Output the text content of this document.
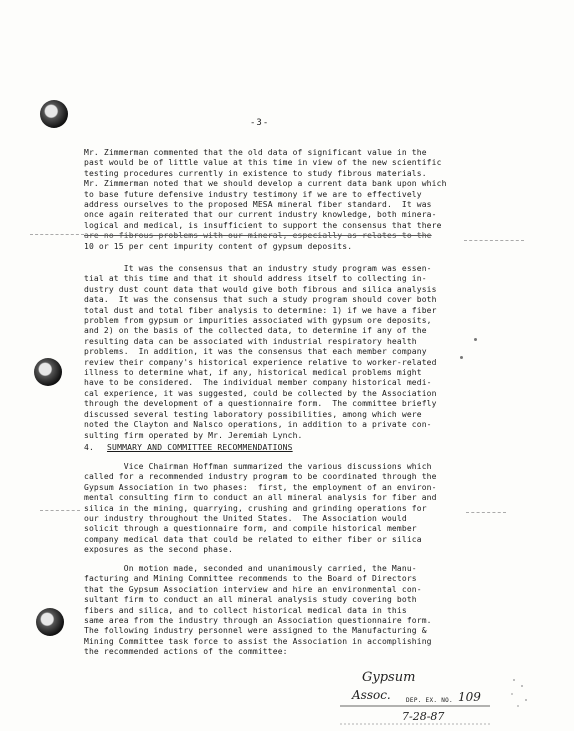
-3-
Mr. Zimmerman commented that the old data of significant value in the
past would be of little value at this time in view of the new scientific
testing procedures currently in existence to study fibrous materials.
Mr. Zimmerman noted that we should develop a current data bank upon which
to base future defensive industry testimony if we are to effectively
address ourselves to the proposed MESA mineral fiber standard.  It was
once again reiterated that our current industry knowledge, both minera-
logical and medical, is insufficient to support the consensus that there
are no fibrous problems with our mineral, especially as relates to the
10 or 15 per cent impurity content of gypsum deposits.
It was the consensus that an industry study program was essen-
tial at this time and that it should address itself to collecting in-
dustry dust count data that would give both fibrous and silica analysis
data.  It was the consensus that such a study program should cover both
total dust and total fiber analysis to determine: 1) if we have a fiber
problem from gypsum or impurities associated with gypsum ore deposits,
and 2) on the basis of the collected data, to determine if any of the
resulting data can be associated with industrial respiratory health
problems.  In addition, it was the consensus that each member company
review their company's historical experience relative to worker-related
illness to determine what, if any, historical medical problems might
have to be considered.  The individual member company historical medi-
cal experience, it was suggested, could be collected by the Association
through the development of a questionnaire form.  The committee briefly
discussed several testing laboratory possibilities, among which were
noted the Clayton and Nalsco operations, in addition to a private con-
sulting firm operated by Mr. Jeremiah Lynch.
4. SUMMARY AND COMMITTEE RECOMMENDATIONS
Vice Chairman Hoffman summarized the various discussions which
called for a recommended industry program to be coordinated through the
Gypsum Association in two phases:  first, the employment of an environ-
mental consulting firm to conduct an all mineral analysis for fiber and
silica in the mining, quarrying, crushing and grinding operations for
our industry throughout the United States.  The Association would
solicit through a questionnaire form, and compile historical member
company medical data that could be related to either fiber or silica
exposures as the second phase.
On motion made, seconded and unanimously carried, the Manu-
facturing and Mining Committee recommends to the Board of Directors
that the Gypsum Association interview and hire an environmental con-
sultant firm to conduct an all mineral analysis study covering both
fibers and silica, and to collect historical medical data in this
same area from the industry through an Association questionnaire form.
The following industry personnel were assigned to the Manufacturing &
Mining Committee task force to assist the Association in accomplishing
the recommended actions of the committee:
Gypsum
Assoc.	DEP. EX. NO. 109
7-28-87
